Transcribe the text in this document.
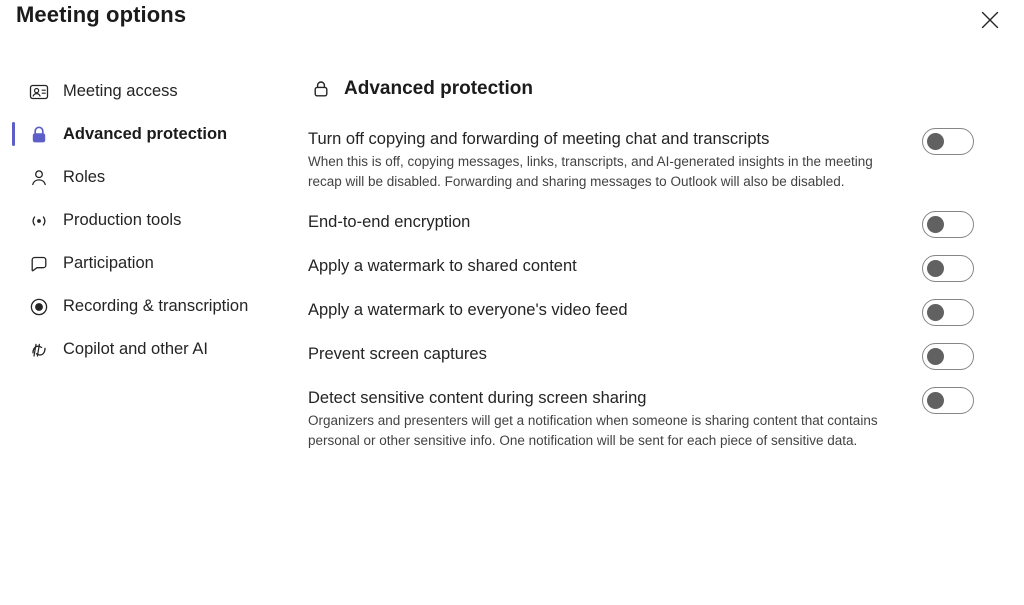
Meeting options
Meeting access
Advanced protection
Roles
Production tools
Participation
Recording & transcription
Copilot and other AI
Advanced protection
Turn off copying and forwarding of meeting chat and transcripts
When this is off, copying messages, links, transcripts, and AI-generated insights in the meeting recap will be disabled. Forwarding and sharing messages to Outlook will also be disabled.
End-to-end encryption
Apply a watermark to shared content
Apply a watermark to everyone's video feed
Prevent screen captures
Detect sensitive content during screen sharing
Organizers and presenters will get a notification when someone is sharing content that contains personal or other sensitive info. One notification will be sent for each piece of sensitive data.
